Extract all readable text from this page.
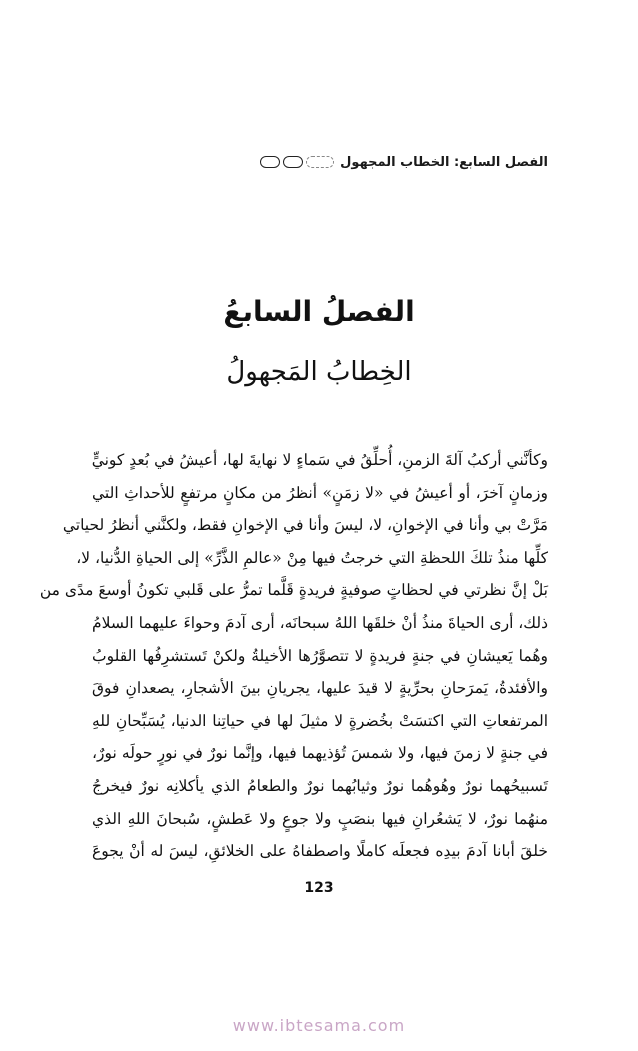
الفصل السابع: الخطاب المجهول
الفصلُ السابعُ
الخِطابُ المَجهولُ
وكأنَّني أركبُ آلةَ الزمنِ، أُحلِّقُ في سَماءٍ لا نهايةَ لها، أعيشُ في بُعدٍ كونيٍّ
وزمانٍ آخرَ، أو أعيشُ في «لا زمَنٍ» أنظرُ من مكانٍ مرتفعٍ للأحداثِ التي
مَرَّتْ بي وأنا في الإخوانِ، لا، ليسَ وأنا في الإخوانِ فقط، ولكنَّني أنظرُ لحياتي
كلِّها منذُ تلكَ اللحظةِ التي خرجتُ فيها مِنْ «عالمِ الذَّرِّ» إلى الحياةِ الدُّنيا، لا،
بَلْ إنَّ نظرتي في لحظاتٍ صوفيةٍ فريدةٍ قَلَّما تمرُّ على قَلبي تكونُ أوسعَ مدًى من
ذلك، أرى الحياةَ منذُ أنْ خلقَها اللهُ سبحانَه، أرى آدمَ وحواءَ عليهما السلامُ
وهُما يَعيشانِ في جنةٍ فريدةٍ لا تتصوَّرُها الأخيلةُ ولكنْ تَستشرِفُها القلوبُ
والأفئدةُ، يَمرَحانِ بحرِّيةٍ لا قيدَ عليها، يجريانِ بينَ الأشجارِ، يصعدانِ فوقَ
المرتفعاتِ التي اكتسَتْ بخُضرةٍ لا مثيلَ لها في حياتِنا الدنيا، يُسَبِّحانِ للهِ
في جنةٍ لا زمنَ فيها، ولا شمسَ تُؤذيهما فيها، وإنَّما نورٌ في نورٍ حولَه نورٌ،
تَسبيحُهما نورٌ وهُوهُما نورٌ وثيابُهما نورٌ والطعامُ الذي يأكلانِه نورٌ فيخرجُ
منهُما نورٌ، لا يَشعُرانِ فيها بنصَبٍ ولا جوعٍ ولا عَطشٍ، سُبحانَ اللهِ الذي
خلقَ أبانا آدمَ بيدِه فجعلَه كاملًا واصطفاهُ على الخلائقِ، ليسَ له أنْ يجوعَ
123
www.ibtesama.com
